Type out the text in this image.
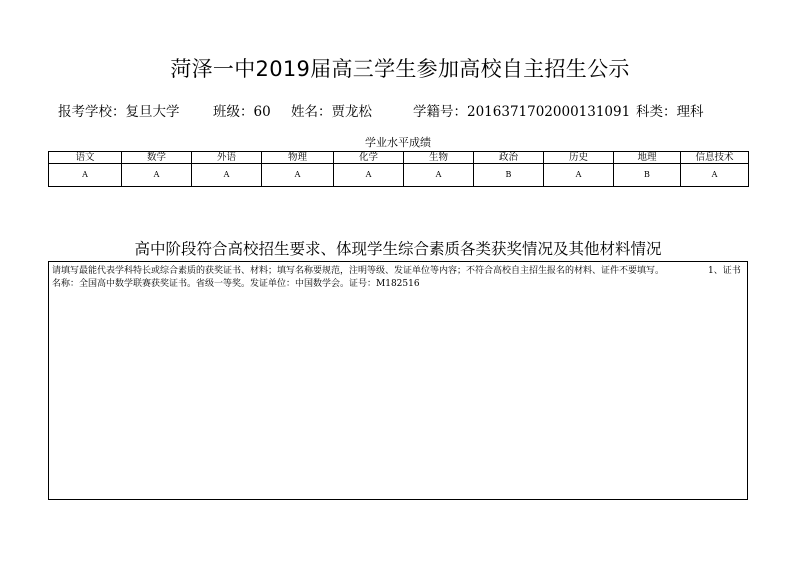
菏泽一中2019届高三学生参加高校自主招生公示
报考学校：复旦大学 班级：60 姓名：贾龙松	学籍号：2016371702000131091 科类：理科
学业水平成绩
语文	数学	外语	物理	化学	生物	政治	历史	地理	信息技术
A	A	A	A	A	A	B	A	B	A
高中阶段符合高校招生要求、体现学生综合素质各类获奖情况及其他材料情况
请填写最能代表学科特长或综合素质的获奖证书、材料；填写名称要规范，注明等级、发证单位等内容；不符合高校自主招生报名的材料、证件不要填写。	1、证书名称：全国高中数学联赛获奖证书。省级一等奖。发证单位：中国数学会。证号：M182516
